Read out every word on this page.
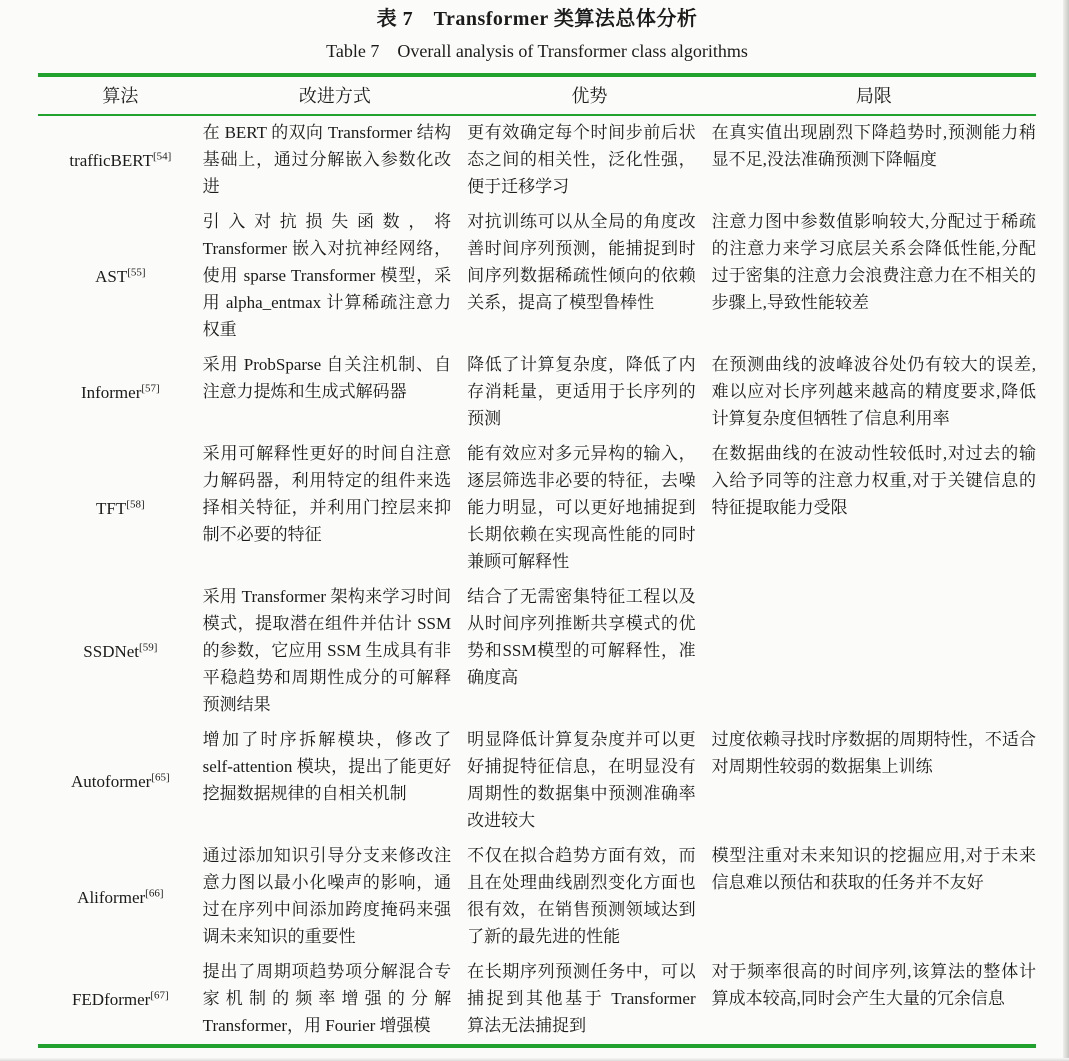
表 7　Transformer 类算法总体分析
Table 7　Overall analysis of Transformer class algorithms
算法	改进方式	优势	局限
trafficBERT[54]	在 BERT 的双向 Transformer 结构基础上，通过分解嵌入参数化改进	更有效确定每个时间步前后状态之间的相关性，泛化性强，便于迁移学习	在真实值出现剧烈下降趋势时,预测能力稍显不足,没法准确预测下降幅度
AST[55]	引入对抗损失函数，将 Transformer 嵌入对抗神经网络，使用 sparse Transformer 模型，采用 alpha_entmax 计算稀疏注意力权重	对抗训练可以从全局的角度改善时间序列预测，能捕捉到时间序列数据稀疏性倾向的依赖关系，提高了模型鲁棒性	注意力图中参数值影响较大,分配过于稀疏的注意力来学习底层关系会降低性能,分配过于密集的注意力会浪费注意力在不相关的步骤上,导致性能较差
Informer[57]	采用 ProbSparse 自关注机制、自注意力提炼和生成式解码器	降低了计算复杂度，降低了内存消耗量，更适用于长序列的预测	在预测曲线的波峰波谷处仍有较大的误差,难以应对长序列越来越高的精度要求,降低计算复杂度但牺牲了信息利用率
TFT[58]	采用可解释性更好的时间自注意力解码器，利用特定的组件来选择相关特征，并利用门控层来抑制不必要的特征	能有效应对多元异构的输入，逐层筛选非必要的特征，去噪能力明显，可以更好地捕捉到长期依赖在实现高性能的同时兼顾可解释性	在数据曲线的在波动性较低时,对过去的输入给予同等的注意力权重,对于关键信息的特征提取能力受限
SSDNet[59]	采用 Transformer 架构来学习时间模式，提取潜在组件并估计 SSM 的参数，它应用 SSM 生成具有非平稳趋势和周期性成分的可解释预测结果	结合了无需密集特征工程以及从时间序列推断共享模式的优势和SSM模型的可解释性，准确度高	
Autoformer[65]	增加了时序拆解模块，修改了 self-attention 模块，提出了能更好挖掘数据规律的自相关机制	明显降低计算复杂度并可以更好捕捉特征信息，在明显没有周期性的数据集中预测准确率改进较大	过度依赖寻找时序数据的周期特性，不适合对周期性较弱的数据集上训练
Aliformer[66]	通过添加知识引导分支来修改注意力图以最小化噪声的影响，通过在序列中间添加跨度掩码来强调未来知识的重要性	不仅在拟合趋势方面有效，而且在处理曲线剧烈变化方面也很有效，在销售预测领域达到了新的最先进的性能	模型注重对未来知识的挖掘应用,对于未来信息难以预估和获取的任务并不友好
FEDformer[67]	提出了周期项趋势项分解混合专家机制的频率增强的分解 Transformer，用 Fourier 增强模	在长期序列预测任务中，可以捕捉到其他基于 Transformer 算法无法捕捉到	对于频率很高的时间序列,该算法的整体计算成本较高,同时会产生大量的冗余信息
